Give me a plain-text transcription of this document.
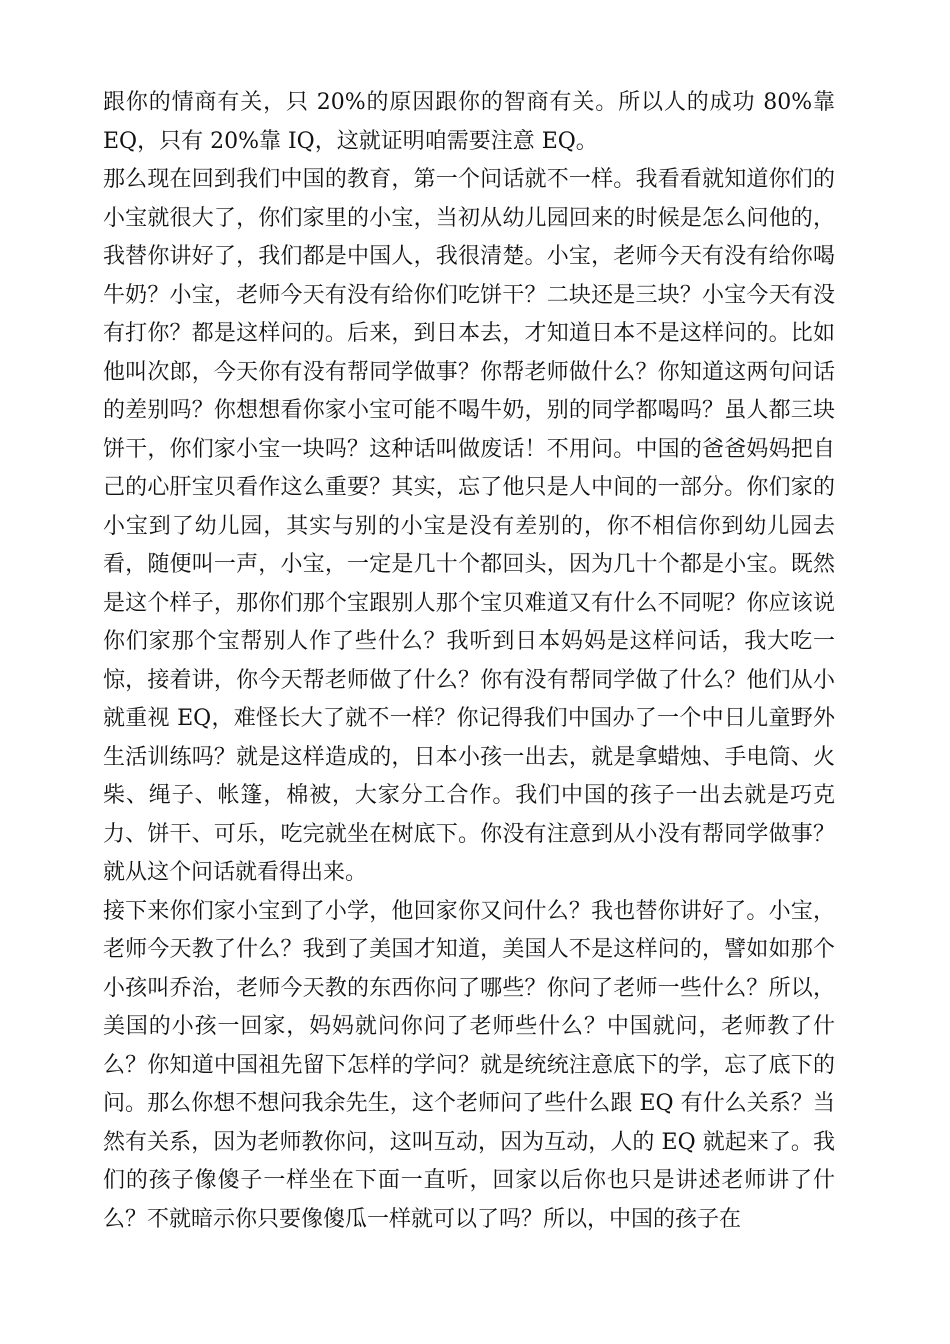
跟你的情商有关，只 20%的原因跟你的智商有关。所以人的成功 80%靠 EQ，只有 20%靠 IQ，这就证明咱需要注意 EQ。

那么现在回到我们中国的教育，第一个问话就不一样。我看看就知道你们的小宝就很大了，你们家里的小宝，当初从幼儿园回来的时候是怎么问他的，我替你讲好了，我们都是中国人，我很清楚。小宝，老师今天有没有给你喝牛奶？小宝，老师今天有没有给你们吃饼干？二块还是三块？小宝今天有没有打你？都是这样问的。后来，到日本去，才知道日本不是这样问的。比如他叫次郎，今天你有没有帮同学做事？你帮老师做什么？你知道这两句问话的差别吗？你想想看你家小宝可能不喝牛奶，别的同学都喝吗？虽人都三块饼干，你们家小宝一块吗？这种话叫做废话！不用问。中国的爸爸妈妈把自己的心肝宝贝看作这么重要？其实，忘了他只是人中间的一部分。你们家的小宝到了幼儿园，其实与别的小宝是没有差别的，你不相信你到幼儿园去看，随便叫一声，小宝，一定是几十个都回头，因为几十个都是小宝。既然是这个样子，那你们那个宝跟别人那个宝贝难道又有什么不同呢？你应该说你们家那个宝帮别人作了些什么？我听到日本妈妈是这样问话，我大吃一惊，接着讲，你今天帮老师做了什么？你有没有帮同学做了什么？他们从小就重视 EQ，难怪长大了就不一样？你记得我们中国办了一个中日儿童野外生活训练吗？就是这样造成的，日本小孩一出去，就是拿蜡烛、手电筒、火柴、绳子、帐篷，棉被，大家分工合作。我们中国的孩子一出去就是巧克力、饼干、可乐，吃完就坐在树底下。你没有注意到从小没有帮同学做事？就从这个问话就看得出来。

接下来你们家小宝到了小学，他回家你又问什么？我也替你讲好了。小宝，老师今天教了什么？我到了美国才知道，美国人不是这样问的，譬如如那个小孩叫乔治，老师今天教的东西你问了哪些？你问了老师一些什么？所以，美国的小孩一回家，妈妈就问你问了老师些什么？中国就问，老师教了什么？你知道中国祖先留下怎样的学问？就是统统注意底下的学，忘了底下的问。那么你想不想问我余先生，这个老师问了些什么跟 EQ 有什么关系？当然有关系，因为老师教你问，这叫互动，因为互动，人的 EQ 就起来了。我们的孩子像傻子一样坐在下面一直听，回家以后你也只是讲述老师讲了什么？不就暗示你只要像傻瓜一样就可以了吗？所以，中国的孩子在
